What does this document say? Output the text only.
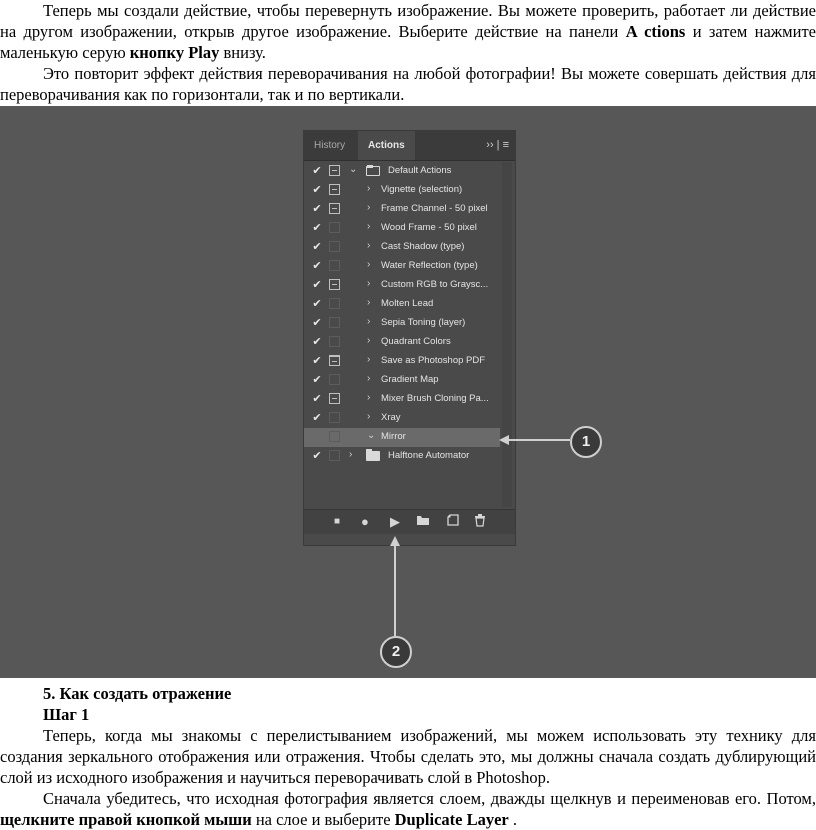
Теперь мы создали действие, чтобы перевернуть изображение. Вы можете проверить, работает ли действие на другом изображении, открыв другое изображение. Выберите действие на панели A ctions и затем нажмите маленькую серую кнопку Play внизу.
Это повторит эффект действия переворачивания на любой фотографии! Вы можете совершать действия для переворачивания как по горизонтали, так и по вертикали.
History	Actions	›› | ≡
✔	⌄	Default Actions
✔	› Vignette (selection)
✔	› Frame Channel - 50 pixel
✔	› Wood Frame - 50 pixel
✔	› Cast Shadow (type)
✔	› Water Reflection (type)
✔	› Custom RGB to Graysc...
✔	› Molten Lead
✔	› Sepia Toning (layer)
✔	› Quadrant Colors
✔	› Save as Photoshop PDF
✔	› Gradient Map
✔	› Mixer Brush Cloning Pa...
✔	› Xray
⌄ Mirror
✔	›	Halftone Automator
■ ● ▶
1
2
5. Как создать отражение
Шаг 1
Теперь, когда мы знакомы с перелистыванием изображений, мы можем использовать эту технику для создания зеркального отображения или отражения. Чтобы сделать это, мы должны сначала создать дублирующий слой из исходного изображения и научиться переворачивать слой в Photoshop.
Сначала убедитесь, что исходная фотография является слоем, дважды щелкнув и переименовав его. Потом, щелкните правой кнопкой мыши на слое и выберите Duplicate Layer .
